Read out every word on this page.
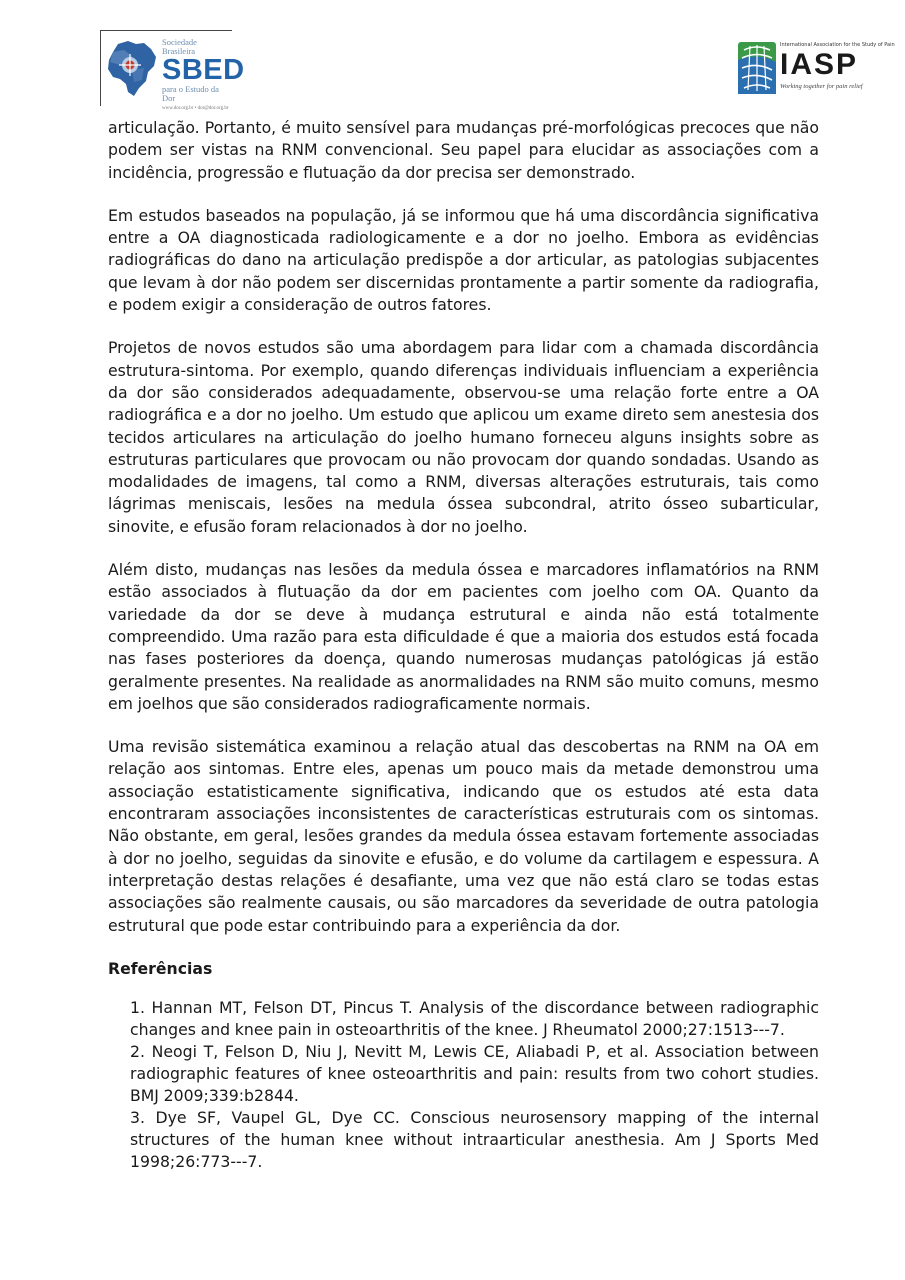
Sociedade Brasileira
SBED
para o Estudo da Dor
www.dor.org.br • dor@dor.org.br
International Association for the Study of Pain
IASP
Working together for pain relief

articulação. Portanto, é muito sensível para mudanças pré-morfológicas precoces que não podem ser vistas na RNM convencional. Seu papel para elucidar as associações com a incidência, progressão e flutuação da dor precisa ser demonstrado.

Em estudos baseados na população, já se informou que há uma discordância significativa entre a OA diagnosticada radiologicamente e a dor no joelho. Embora as evidências radiográficas do dano na articulação predispõe a dor articular, as patologias subjacentes que levam à dor não podem ser discernidas prontamente a partir somente da radiografia, e podem exigir a consideração de outros fatores.

Projetos de novos estudos são uma abordagem para lidar com a chamada discordância estrutura-sintoma. Por exemplo, quando diferenças individuais influenciam a experiência da dor são considerados adequadamente, observou-se uma relação forte entre a OA radiográfica e a dor no joelho. Um estudo que aplicou um exame direto sem anestesia dos tecidos articulares na articulação do joelho humano forneceu alguns insights sobre as estruturas particulares que provocam ou não provocam dor quando sondadas. Usando as modalidades de imagens, tal como a RNM, diversas alterações estruturais, tais como lágrimas meniscais, lesões na medula óssea subcondral, atrito ósseo subarticular, sinovite, e efusão foram relacionados à dor no joelho.

Além disto, mudanças nas lesões da medula óssea e marcadores inflamatórios na RNM estão associados à flutuação da dor em pacientes com joelho com OA. Quanto da variedade da dor se deve à mudança estrutural e ainda não está totalmente compreendido. Uma razão para esta dificuldade é que a maioria dos estudos está focada nas fases posteriores da doença, quando numerosas mudanças patológicas já estão geralmente presentes. Na realidade as anormalidades na RNM são muito comuns, mesmo em joelhos que são considerados radiograficamente normais.

Uma revisão sistemática examinou a relação atual das descobertas na RNM na OA em relação aos sintomas. Entre eles, apenas um pouco mais da metade demonstrou uma associação estatisticamente significativa, indicando que os estudos até esta data encontraram associações inconsistentes de características estruturais com os sintomas. Não obstante, em geral, lesões grandes da medula óssea estavam fortemente associadas à dor no joelho, seguidas da sinovite e efusão, e do volume da cartilagem e espessura. A interpretação destas relações é desafiante, uma vez que não está claro se todas estas associações são realmente causais, ou são marcadores da severidade de outra patologia estrutural que pode estar contribuindo para a experiência da dor.

Referências
1. Hannan MT, Felson DT, Pincus T. Analysis of the discordance between radiographic changes and knee pain in osteoarthritis of the knee. J Rheumatol 2000;27:1513---7.
2. Neogi T, Felson D, Niu J, Nevitt M, Lewis CE, Aliabadi P, et al. Association between radiographic features of knee osteoarthritis and pain: results from two cohort studies. BMJ 2009;339:b2844.
3. Dye SF, Vaupel GL, Dye CC. Conscious neurosensory mapping of the internal structures of the human knee without intraarticular anesthesia. Am J Sports Med 1998;26:773---7.
